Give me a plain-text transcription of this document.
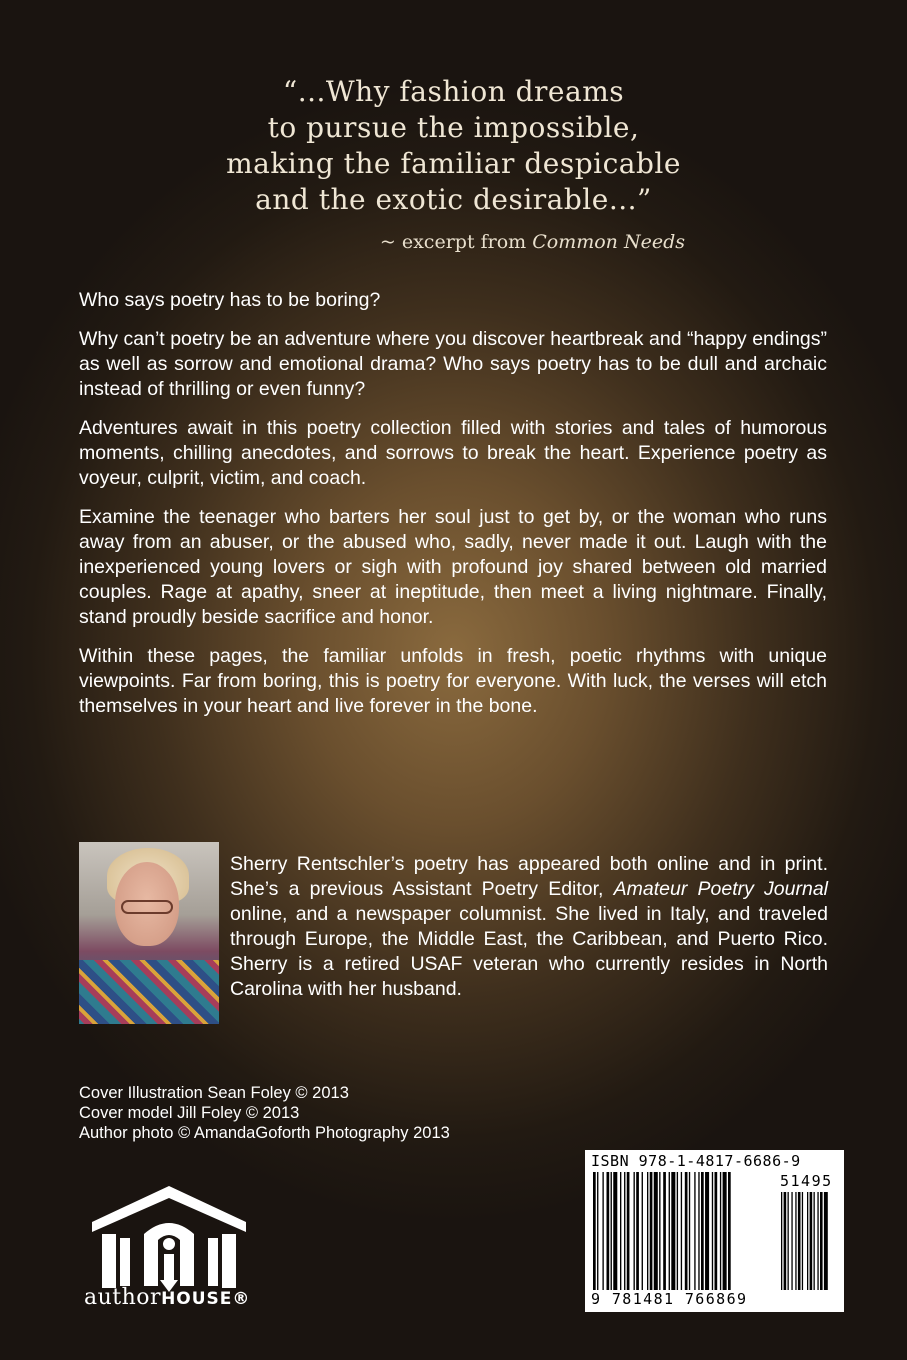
“...Why fashion dreams
to pursue the impossible,
making the familiar despicable
and the exotic desirable...”
~ excerpt from Common Needs

Who says poetry has to be boring?

Why can’t poetry be an adventure where you discover heartbreak and “happy endings” as well as sorrow and emotional drama? Who says poetry has to be dull and archaic instead of thrilling or even funny?

Adventures await in this poetry collection filled with stories and tales of humorous moments, chilling anecdotes, and sorrows to break the heart. Experience poetry as voyeur, culprit, victim, and coach.

Examine the teenager who barters her soul just to get by, or the woman who runs away from an abuser, or the abused who, sadly, never made it out. Laugh with the inexperienced young lovers or sigh with profound joy shared between old married couples. Rage at apathy, sneer at ineptitude, then meet a living nightmare. Finally, stand proudly beside sacrifice and honor.

Within these pages, the familiar unfolds in fresh, poetic rhythms with unique viewpoints. Far from boring, this is poetry for everyone. With luck, the verses will etch themselves in your heart and live forever in the bone.

Sherry Rentschler’s poetry has appeared both online and in print. She’s a previous Assistant Poetry Editor, Amateur Poetry Journal online, and a newspaper columnist. She lived in Italy, and traveled through Europe, the Middle East, the Caribbean, and Puerto Rico. Sherry is a retired USAF veteran who currently resides in North Carolina with her husband.
Cover Illustration Sean Foley © 2013
Cover model Jill Foley © 2013
Author photo © AmandaGoforth Photography 2013
authorHOUSE®
ISBN 978-1-4817-6686-9
51495
9 781481 766869
